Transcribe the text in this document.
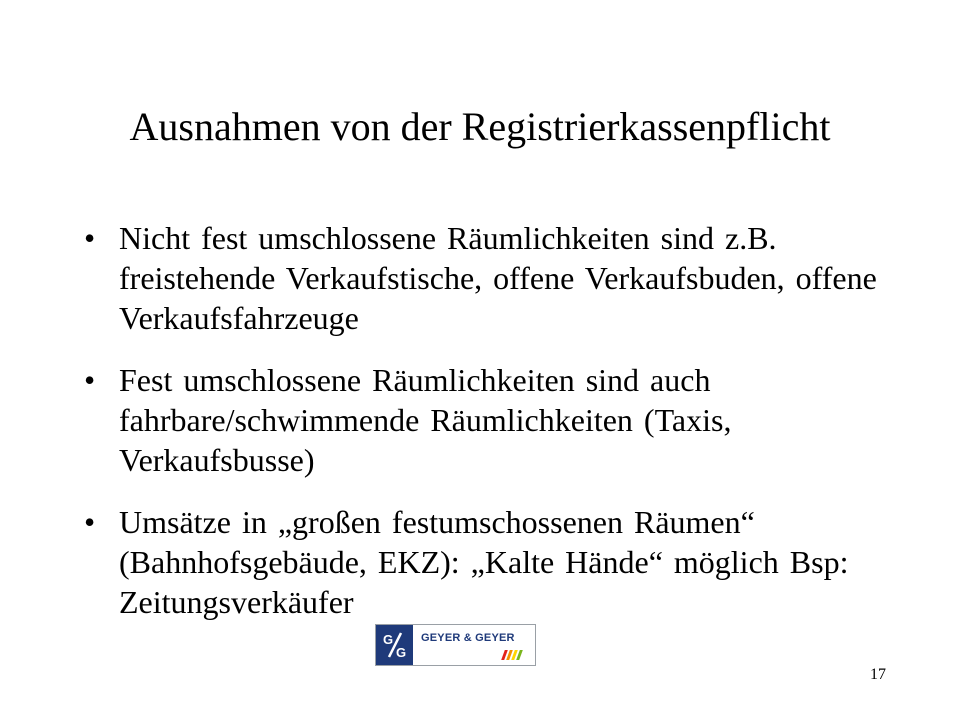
Ausnahmen von der Registrierkassenpflicht
• Nicht fest umschlossene Räumlichkeiten sind z.B. freistehende Verkaufstische, offene Verkaufsbuden, offene Verkaufsfahrzeuge
• Fest umschlossene Räumlichkeiten sind auch fahrbare/schwimmende Räumlichkeiten (Taxis, Verkaufsbusse)
• Umsätze in „großen festumschossenen Räumen“ (Bahnhofsgebäude, EKZ): „Kalte Hände“ möglich Bsp: Zeitungsverkäufer
G
G
GEYER & GEYER
17
